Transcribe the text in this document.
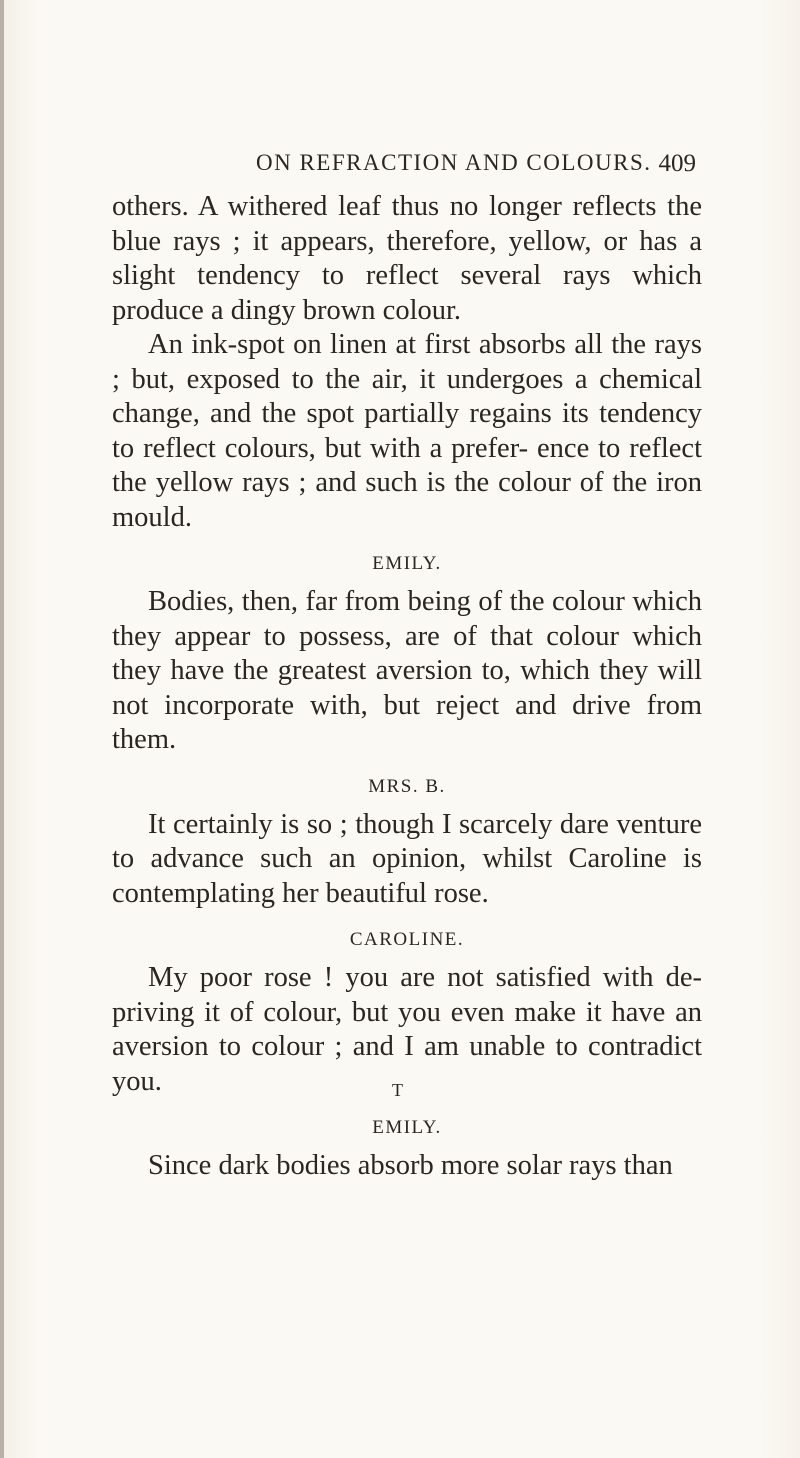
ON REFRACTION AND COLOURS. 409

others. A withered leaf thus no longer reflects the blue rays ; it appears, therefore, yellow, or has a slight tendency to reflect several rays which produce a dingy brown colour.

An ink-spot on linen at first absorbs all the rays ; but, exposed to the air, it undergoes a chemical change, and the spot partially regains its tendency to reflect colours, but with a prefer- ence to reflect the yellow rays ; and such is the colour of the iron mould.

EMILY.

Bodies, then, far from being of the colour which they appear to possess, are of that colour which they have the greatest aversion to, which they will not incorporate with, but reject and drive from them.

MRS. B.

It certainly is so ; though I scarcely dare venture to advance such an opinion, whilst Caroline is contemplating her beautiful rose.

CAROLINE.

My poor rose ! you are not satisfied with de- priving it of colour, but you even make it have an aversion to colour ; and I am unable to contradict you.

EMILY.

Since dark bodies absorb more solar rays than

T
